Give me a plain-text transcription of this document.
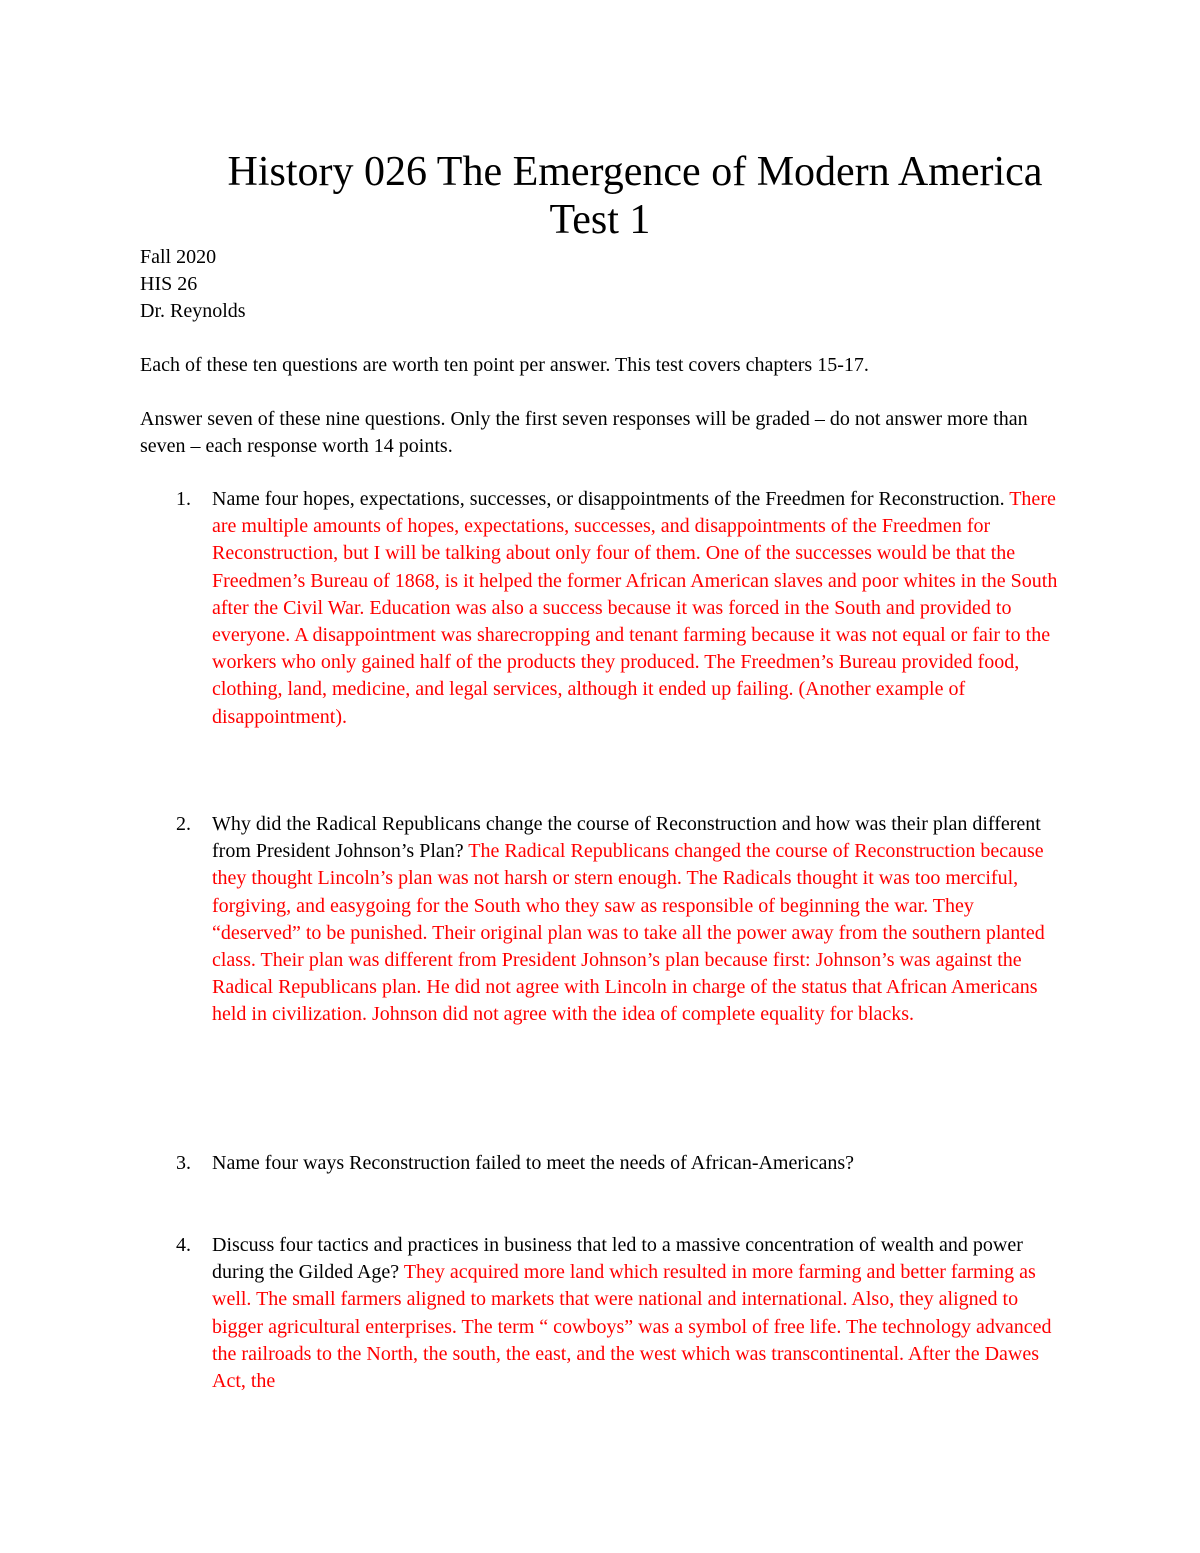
History 026 The Emergence of Modern America
Test 1
Fall 2020
HIS 26
Dr. Reynolds

Each of these ten questions are worth ten point per answer. This test covers chapters 15-17.

Answer seven of these nine questions. Only the first seven responses will be graded – do not answer more than seven – each response worth 14 points.

1. Name four hopes, expectations, successes, or disappointments of the Freedmen for Reconstruction. There are multiple amounts of hopes, expectations, successes, and disappointments of the Freedmen for Reconstruction, but I will be talking about only four of them. One of the successes would be that the Freedmen’s Bureau of 1868, is it helped the former African American slaves and poor whites in the South after the Civil War. Education was also a success because it was forced in the South and provided to everyone. A disappointment was sharecropping and tenant farming because it was not equal or fair to the workers who only gained half of the products they produced. The Freedmen’s Bureau provided food, clothing, land, medicine, and legal services, although it ended up failing. (Another example of disappointment).
2. Why did the Radical Republicans change the course of Reconstruction and how was their plan different from President Johnson’s Plan? The Radical Republicans changed the course of Reconstruction because they thought Lincoln’s plan was not harsh or stern enough. The Radicals thought it was too merciful, forgiving, and easygoing for the South who they saw as responsible of beginning the war. They “deserved” to be punished. Their original plan was to take all the power away from the southern planted class. Their plan was different from President Johnson’s plan because first: Johnson’s was against the Radical Republicans plan. He did not agree with Lincoln in charge of the status that African Americans held in civilization. Johnson did not agree with the idea of complete equality for blacks.
3. Name four ways Reconstruction failed to meet the needs of African-Americans?
4. Discuss four tactics and practices in business that led to a massive concentration of wealth and power during the Gilded Age? They acquired more land which resulted in more farming and better farming as well. The small farmers aligned to markets that were national and international. Also, they aligned to bigger agricultural enterprises. The term “ cowboys” was a symbol of free life. The technology advanced the railroads to the North, the south, the east, and the west which was transcontinental. After the Dawes Act, the
